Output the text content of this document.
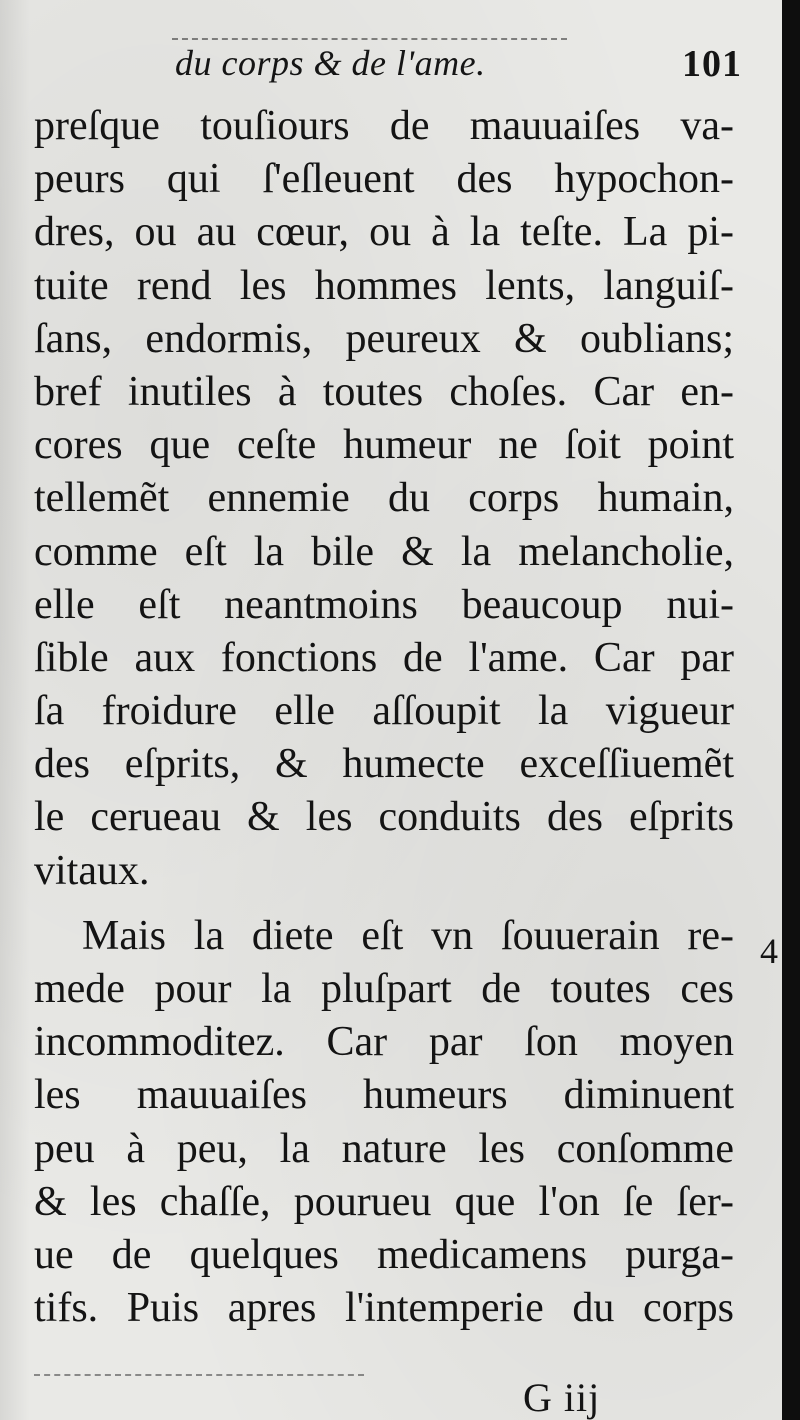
du corps & de l'ame.	101
preſque touſiours de mauuaiſes va-
peurs qui ſ'eſleuent des hypochon-
dres, ou au cœur, ou à la teſte. La pi-
tuite rend les hommes lents, languiſ-
ſans, endormis, peureux & oublians;
bref inutiles à toutes choſes. Car en-
cores que ceſte humeur ne ſoit point
tellemẽt ennemie du corps humain,
comme eſt la bile & la melancholie,
elle eſt neantmoins beaucoup nui-
ſible aux fonctions de l'ame. Car par
ſa froidure elle aſſoupit la vigueur
des eſprits, & humecte exceſſiuemẽt
le cerueau & les conduits des eſprits
vitaux.
Mais la diete eſt vn ſouuerain re-
mede pour la pluſpart de toutes ces
incommoditez. Car par ſon moyen
les mauuaiſes humeurs diminuent
peu à peu, la nature les conſomme
& les chaſſe, pourueu que l'on ſe ſer-
ue de quelques medicamens purga-
tifs. Puis apres l'intemperie du corps
G iij
4
